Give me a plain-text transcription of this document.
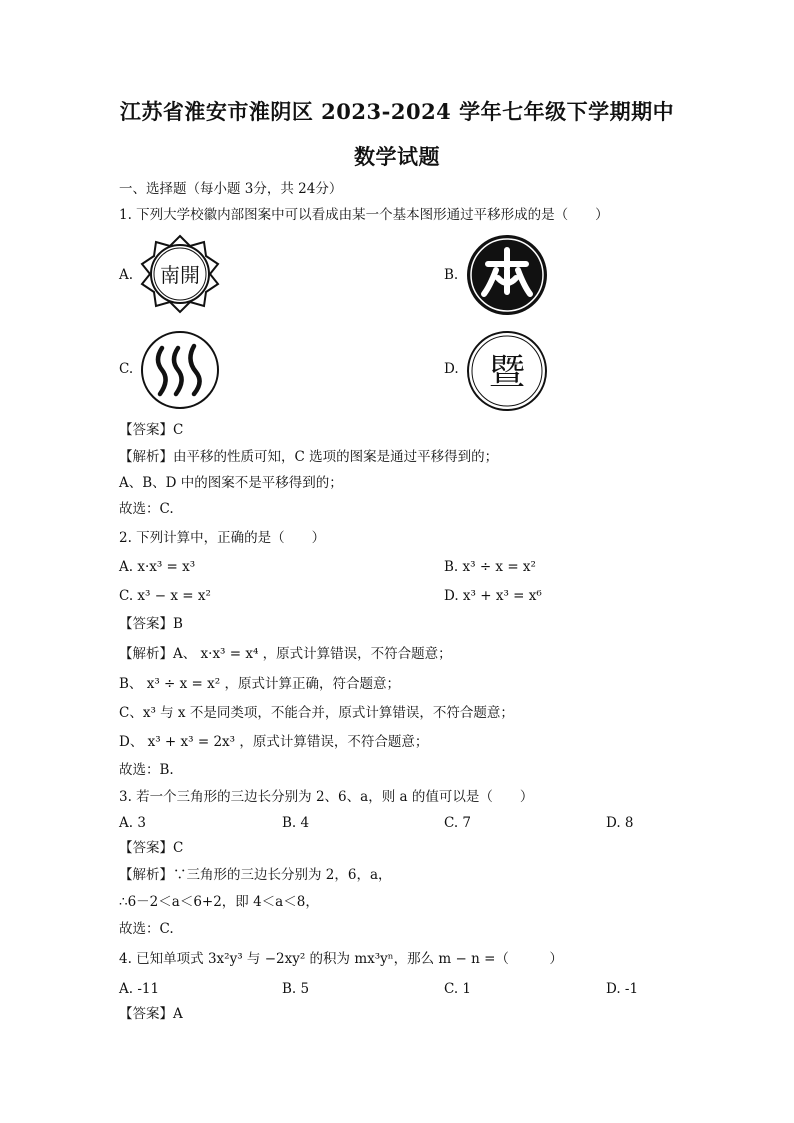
江苏省淮安市淮阴区 2023-2024 学年七年级下学期期中
数学试题
一、选择题（每小题 3分，共 24分）
1. 下列大学校徽内部图案中可以看成由某一个基本图形通过平移形成的是（　　）
A. 南開	B.
C.	D. 暨
【答案】C
【解析】由平移的性质可知，C 选项的图案是通过平移得到的；
A、B、D 中的图案不是平移得到的；
故选：C.
2. 下列计算中，正确的是（　　）
A. x·x³ = x³	B. x³ ÷ x = x²
C. x³ − x = x²	D. x³ + x³ = x⁶
【答案】B
【解析】A、 x·x³ = x⁴ ，原式计算错误，不符合题意；
B、 x³ ÷ x = x² ，原式计算正确，符合题意；
C、x³ 与 x 不是同类项，不能合并，原式计算错误，不符合题意；
D、 x³ + x³ = 2x³ ，原式计算错误，不符合题意；
故选：B.
3. 若一个三角形的三边长分别为 2、6、a，则 a 的值可以是（　　）
A. 3	B. 4	C. 7	D. 8
【答案】C
【解析】∵三角形的三边长分别为 2，6，a，
∴6－2＜a＜6+2，即 4＜a＜8，
故选：C.
4. 已知单项式 3x²y³ 与 −2xy² 的积为 mx³yⁿ，那么 m − n =（　　　）
A. -11	B. 5	C. 1	D. -1
【答案】A
